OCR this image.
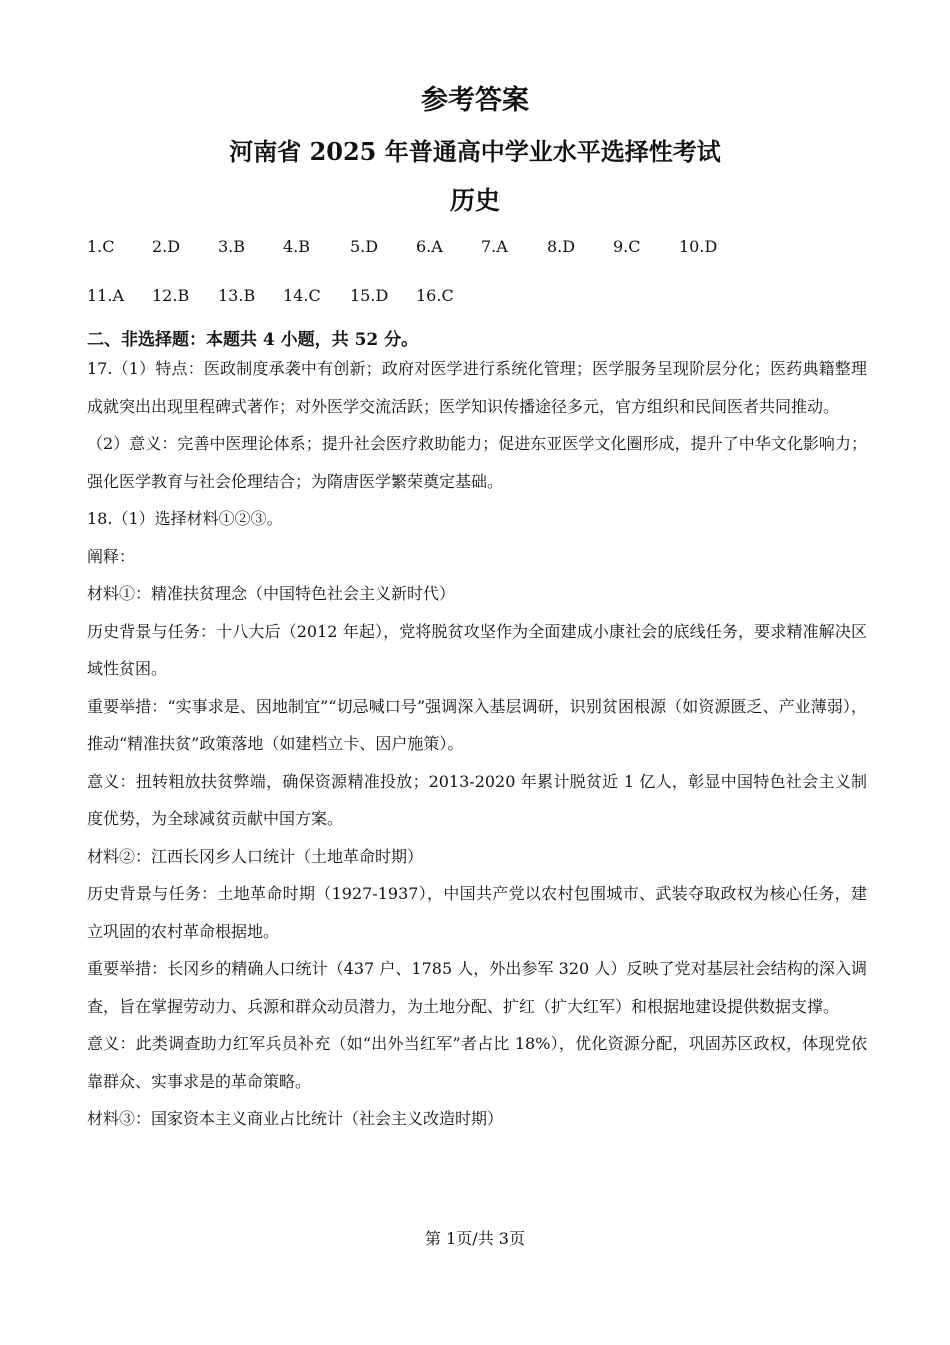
参考答案
河南省 2025 年普通高中学业水平选择性考试
历史
1.C 2.D 3.B 4.B 5.D 6.A 7.A 8.D 9.C 10.D
11.A 12.B 13.B 14.C 15.D 16.C
二、非选择题：本题共 4 小题，共 52 分。

17.（1）特点：医政制度承袭中有创新；政府对医学进行系统化管理；医学服务呈现阶层分化；医药典籍整理成就突出出现里程碑式著作；对外医学交流活跃；医学知识传播途径多元，官方组织和民间医者共同推动。

（2）意义：完善中医理论体系；提升社会医疗救助能力；促进东亚医学文化圈形成，提升了中华文化影响力；强化医学教育与社会伦理结合；为隋唐医学繁荣奠定基础。

18.（1）选择材料①②③。

阐释：

材料①：精准扶贫理念（中国特色社会主义新时代）

历史背景与任务：十八大后（2012 年起），党将脱贫攻坚作为全面建成小康社会的底线任务，要求精准解决区域性贫困。

重要举措：“实事求是、因地制宜”“切忌喊口号”强调深入基层调研，识别贫困根源（如资源匮乏、产业薄弱），推动“精准扶贫”政策落地（如建档立卡、因户施策）。

意义：扭转粗放扶贫弊端，确保资源精准投放；2013-2020 年累计脱贫近 1 亿人，彰显中国特色社会主义制度优势，为全球减贫贡献中国方案。

材料②：江西长冈乡人口统计（土地革命时期）

历史背景与任务：土地革命时期（1927-1937），中国共产党以农村包围城市、武装夺取政权为核心任务，建立巩固的农村革命根据地。

重要举措：长冈乡的精确人口统计（437 户、1785 人，外出参军 320 人）反映了党对基层社会结构的深入调查，旨在掌握劳动力、兵源和群众动员潜力，为土地分配、扩红（扩大红军）和根据地建设提供数据支撑。

意义：此类调查助力红军兵员补充（如“出外当红军”者占比 18%），优化资源分配，巩固苏区政权，体现党依靠群众、实事求是的革命策略。

材料③：国家资本主义商业占比统计（社会主义改造时期）

第 1页/共 3页
